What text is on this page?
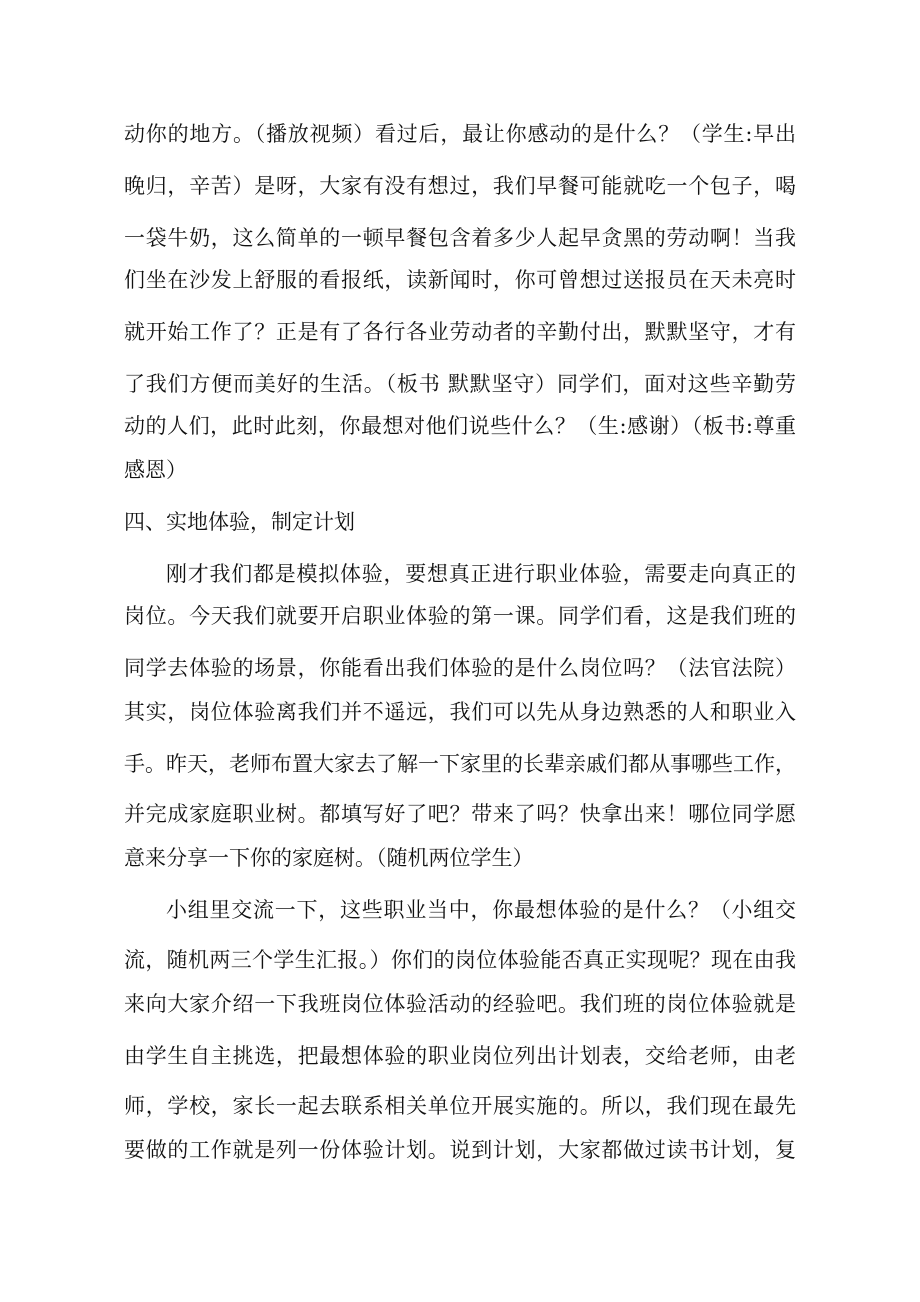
动你的地方。（播放视频）看过后，最让你感动的是什么？（学生:早出
晚归，辛苦）是呀，大家有没有想过，我们早餐可能就吃一个包子，喝
一袋牛奶，这么简单的一顿早餐包含着多少人起早贪黑的劳动啊！当我
们坐在沙发上舒服的看报纸，读新闻时，你可曾想过送报员在天未亮时
就开始工作了？正是有了各行各业劳动者的辛勤付出，默默坚守，才有
了我们方便而美好的生活。（板书 默默坚守）同学们，面对这些辛勤劳
动的人们，此时此刻，你最想对他们说些什么？（生:感谢）（板书:尊重
感恩）
四、实地体验，制定计划
刚才我们都是模拟体验，要想真正进行职业体验，需要走向真正的
岗位。今天我们就要开启职业体验的第一课。同学们看，这是我们班的
同学去体验的场景，你能看出我们体验的是什么岗位吗？（法官法院）
其实，岗位体验离我们并不遥远，我们可以先从身边熟悉的人和职业入
手。昨天，老师布置大家去了解一下家里的长辈亲戚们都从事哪些工作，
并完成家庭职业树。都填写好了吧？带来了吗？快拿出来！哪位同学愿
意来分享一下你的家庭树。（随机两位学生）
小组里交流一下，这些职业当中，你最想体验的是什么？（小组交
流，随机两三个学生汇报。）你们的岗位体验能否真正实现呢？现在由我
来向大家介绍一下我班岗位体验活动的经验吧。我们班的岗位体验就是
由学生自主挑选，把最想体验的职业岗位列出计划表，交给老师，由老
师，学校，家长一起去联系相关单位开展实施的。所以，我们现在最先
要做的工作就是列一份体验计划。说到计划，大家都做过读书计划，复
